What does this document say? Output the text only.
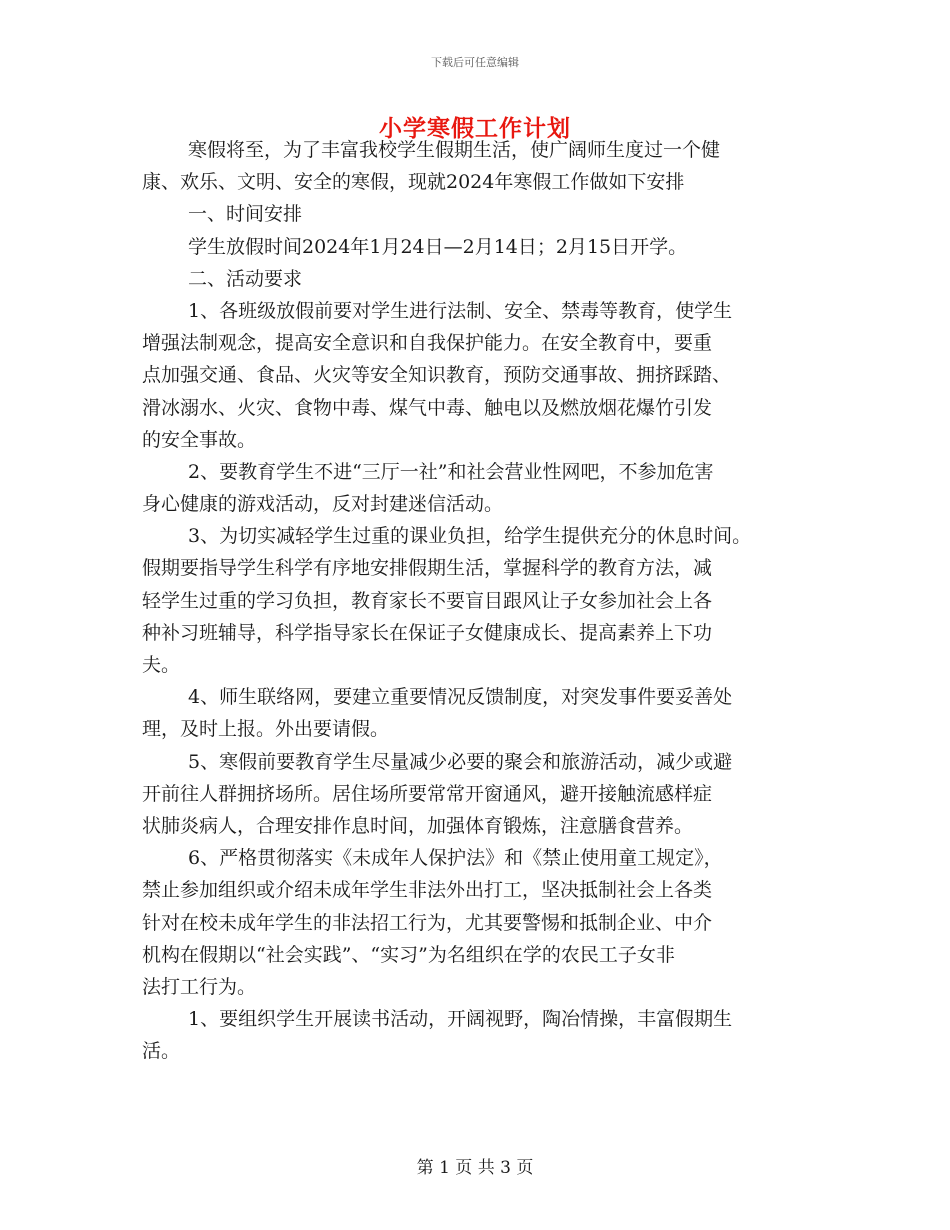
下载后可任意编辑
小学寒假工作计划
寒假将至，为了丰富我校学生假期生活，使广阔师生度过一个健
康、欢乐、文明、安全的寒假，现就2024年寒假工作做如下安排
一、时间安排
学生放假时间2024年1月24日—2月14日；2月15日开学。
二、活动要求
1、各班级放假前要对学生进行法制、安全、禁毒等教育，使学生
增强法制观念，提高安全意识和自我保护能力。在安全教育中，要重
点加强交通、食品、火灾等安全知识教育，预防交通事故、拥挤踩踏、
滑冰溺水、火灾、食物中毒、煤气中毒、触电以及燃放烟花爆竹引发
的安全事故。
2、要教育学生不进“三厅一社”和社会营业性网吧，不参加危害
身心健康的游戏活动，反对封建迷信活动。
3、为切实减轻学生过重的课业负担，给学生提供充分的休息时间。
假期要指导学生科学有序地安排假期生活，掌握科学的教育方法，减
轻学生过重的学习负担，教育家长不要盲目跟风让子女参加社会上各
种补习班辅导，科学指导家长在保证子女健康成长、提高素养上下功
夫。
4、师生联络网，要建立重要情况反馈制度，对突发事件要妥善处
理，及时上报。外出要请假。
5、寒假前要教育学生尽量减少必要的聚会和旅游活动，减少或避
开前往人群拥挤场所。居住场所要常常开窗通风，避开接触流感样症
状肺炎病人，合理安排作息时间，加强体育锻炼，注意膳食营养。
6、严格贯彻落实《未成年人保护法》和《禁止使用童工规定》，
禁止参加组织或介绍未成年学生非法外出打工，坚决抵制社会上各类
针对在校未成年学生的非法招工行为，尤其要警惕和抵制企业、中介
机构在假期以“社会实践”、“实习”为名组织在学的农民工子女非
法打工行为。
1、要组织学生开展读书活动，开阔视野，陶冶情操，丰富假期生
活。
第 1 页 共 3 页
